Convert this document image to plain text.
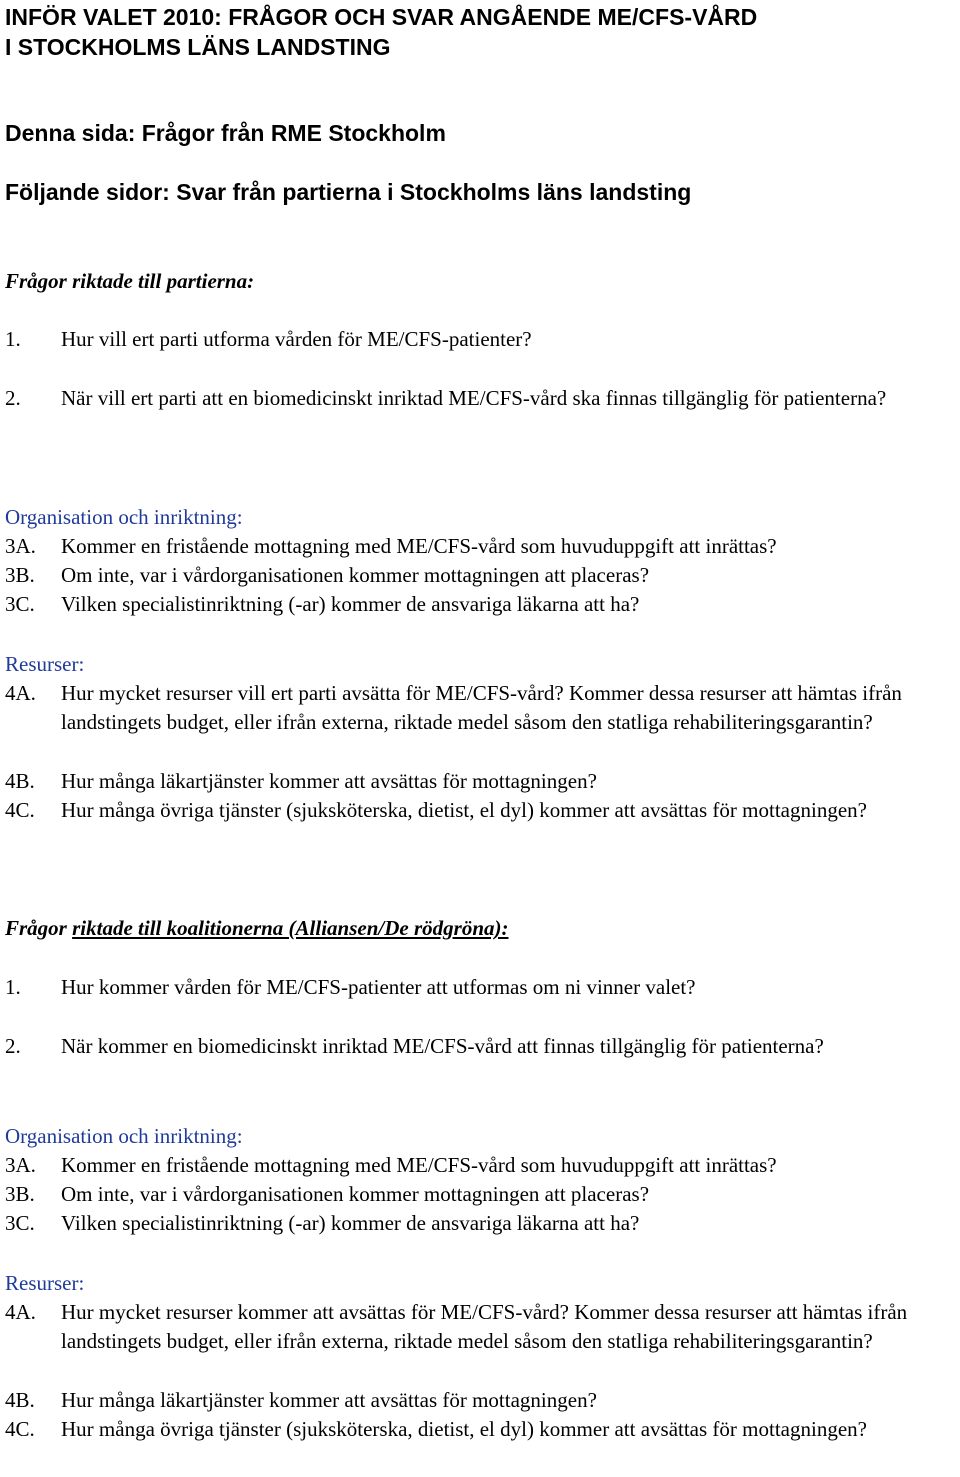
INFÖR VALET 2010: FRÅGOR OCH SVAR ANGÅENDE ME/CFS-VÅRD
I STOCKHOLMS LÄNS LANDSTING

Denna sida: Frågor från RME Stockholm

Följande sidor: Svar från partierna i Stockholms läns landsting

Frågor riktade till partierna:

1. Hur vill ert parti utforma vården för ME/CFS-patienter?
2. När vill ert parti att en biomedicinskt inriktad ME/CFS-vård ska finnas tillgänglig för patienterna?

Organisation och inriktning:

3A. Kommer en fristående mottagning med ME/CFS-vård som huvuduppgift att inrättas?
3B. Om inte, var i vårdorganisationen kommer mottagningen att placeras?
3C. Vilken specialistinriktning (-ar) kommer de ansvariga läkarna att ha?

Resurser:

4A. Hur mycket resurser vill ert parti avsätta för ME/CFS-vård? Kommer dessa resurser att hämtas ifrån landstingets budget, eller ifrån externa, riktade medel såsom den statliga rehabiliteringsgarantin?
4B. Hur många läkartjänster kommer att avsättas för mottagningen?
4C. Hur många övriga tjänster (sjuksköterska, dietist, el dyl) kommer att avsättas för mottagningen?

Frågor riktade till koalitionerna (Alliansen/De rödgröna):

1. Hur kommer vården för ME/CFS-patienter att utformas om ni vinner valet?
2. När kommer en biomedicinskt inriktad ME/CFS-vård att finnas tillgänglig för patienterna?

Organisation och inriktning:

3A. Kommer en fristående mottagning med ME/CFS-vård som huvuduppgift att inrättas?
3B. Om inte, var i vårdorganisationen kommer mottagningen att placeras?
3C. Vilken specialistinriktning (-ar) kommer de ansvariga läkarna att ha?

Resurser:

4A. Hur mycket resurser kommer att avsättas för ME/CFS-vård? Kommer dessa resurser att hämtas ifrån landstingets budget, eller ifrån externa, riktade medel såsom den statliga rehabiliteringsgarantin?
4B. Hur många läkartjänster kommer att avsättas för mottagningen?
4C. Hur många övriga tjänster (sjuksköterska, dietist, el dyl) kommer att avsättas för mottagningen?
